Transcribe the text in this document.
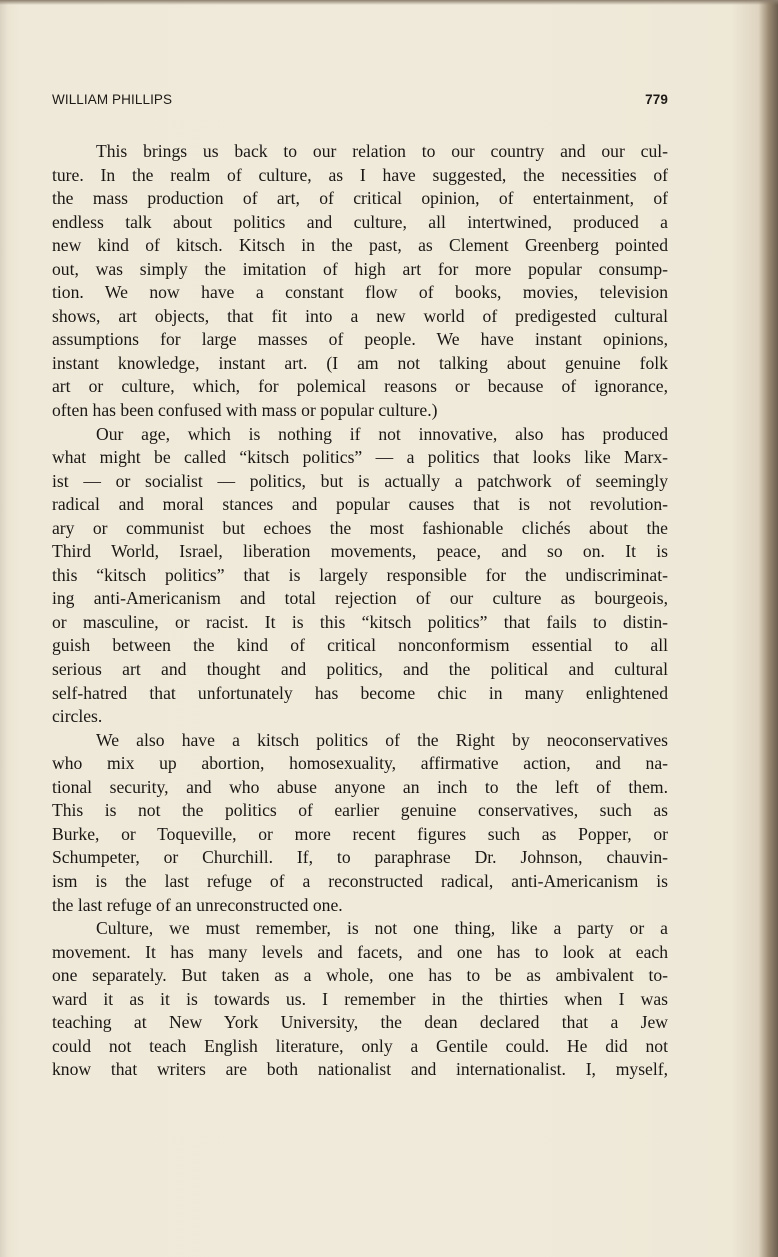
WILLIAM PHILLIPS	779
This brings us back to our relation to our country and our cul-
ture. In the realm of culture, as I have suggested, the necessities of
the mass production of art, of critical opinion, of entertainment, of
endless talk about politics and culture, all intertwined, produced a
new kind of kitsch. Kitsch in the past, as Clement Greenberg pointed
out, was simply the imitation of high art for more popular consump-
tion. We now have a constant flow of books, movies, television
shows, art objects, that fit into a new world of predigested cultural
assumptions for large masses of people. We have instant opinions,
instant knowledge, instant art. (I am not talking about genuine folk
art or culture, which, for polemical reasons or because of ignorance,
often has been confused with mass or popular culture.)
Our age, which is nothing if not innovative, also has produced
what might be called “kitsch politics” — a politics that looks like Marx-
ist — or socialist — politics, but is actually a patchwork of seemingly
radical and moral stances and popular causes that is not revolution-
ary or communist but echoes the most fashionable clichés about the
Third World, Israel, liberation movements, peace, and so on. It is
this “kitsch politics” that is largely responsible for the undiscriminat-
ing anti-Americanism and total rejection of our culture as bourgeois,
or masculine, or racist. It is this “kitsch politics” that fails to distin-
guish between the kind of critical nonconformism essential to all
serious art and thought and politics, and the political and cultural
self-hatred that unfortunately has become chic in many enlightened
circles.
We also have a kitsch politics of the Right by neoconservatives
who mix up abortion, homosexuality, affirmative action, and na-
tional security, and who abuse anyone an inch to the left of them.
This is not the politics of earlier genuine conservatives, such as
Burke, or Toqueville, or more recent figures such as Popper, or
Schumpeter, or Churchill. If, to paraphrase Dr. Johnson, chauvin-
ism is the last refuge of a reconstructed radical, anti-Americanism is
the last refuge of an unreconstructed one.
Culture, we must remember, is not one thing, like a party or a
movement. It has many levels and facets, and one has to look at each
one separately. But taken as a whole, one has to be as ambivalent to-
ward it as it is towards us. I remember in the thirties when I was
teaching at New York University, the dean declared that a Jew
could not teach English literature, only a Gentile could. He did not
know that writers are both nationalist and internationalist. I, myself,
